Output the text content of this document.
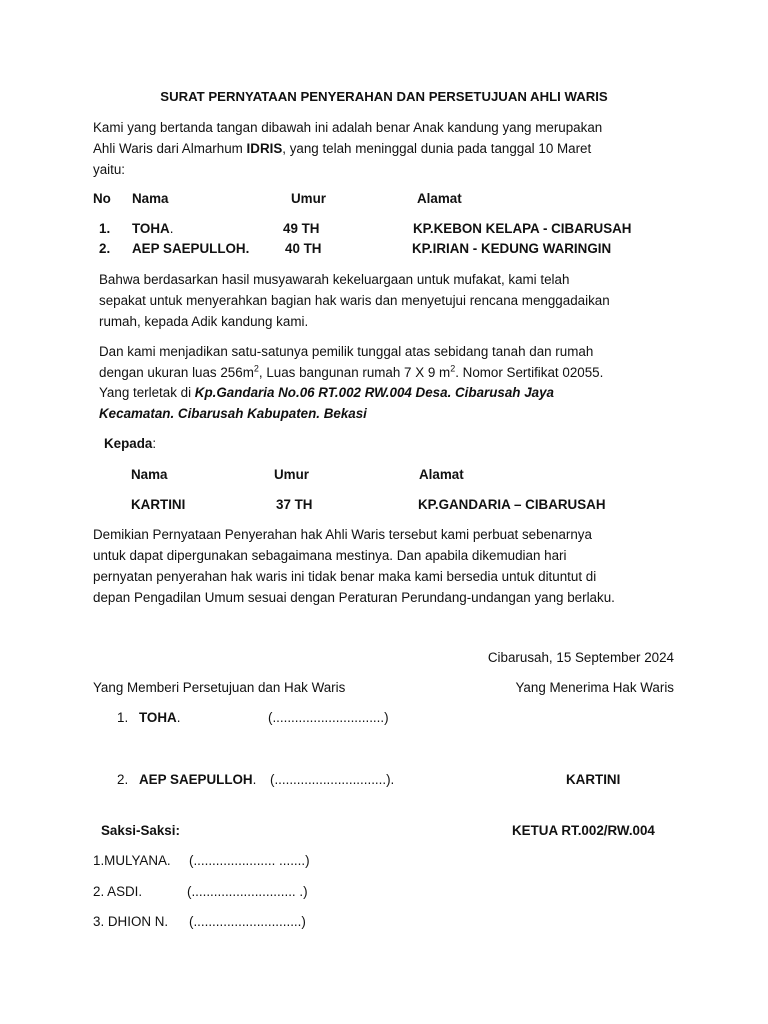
SURAT PERNYATAAN PENYERAHAN DAN PERSETUJUAN AHLI WARIS
Kami yang bertanda tangan dibawah ini adalah benar Anak kandung yang merupakan
Ahli Waris dari Almarhum IDRIS, yang telah meninggal dunia pada tanggal 10 Maret
yaitu:
No Nama	Umur	Alamat
1. TOHA.	49 TH	KP.KEBON KELAPA - CIBARUSAH
2. AEP SAEPULLOH.	40 TH	KP.IRIAN - KEDUNG WARINGIN
Bahwa berdasarkan hasil musyawarah kekeluargaan untuk mufakat, kami telah
sepakat untuk menyerahkan bagian hak waris dan menyetujui rencana menggadaikan
rumah, kepada Adik kandung kami.
Dan kami menjadikan satu-satunya pemilik tunggal atas sebidang tanah dan rumah
dengan ukuran luas $256m^2$, Luas bangunan rumah 7 X 9 $m^2$. Nomor Sertifikat 02055.
Yang terletak di Kp.Gandaria No.06 RT.002 RW.004 Desa. Cibarusah Jaya
Kecamatan. Cibarusah Kabupaten. Bekasi
Kepada:
Nama	Umur	Alamat
KARTINI	37 TH	KP.GANDARIA – CIBARUSAH
Demikian Pernyataan Penyerahan hak Ahli Waris tersebut kami perbuat sebenarnya
untuk dapat dipergunakan sebagaimana mestinya. Dan apabila dikemudian hari
pernyatan penyerahan hak waris ini tidak benar maka kami bersedia untuk dituntut di
depan Pengadilan Umum sesuai dengan Peraturan Perundang-undangan yang berlaku.
Cibarusah, 15 September 2024
Yang Memberi Persetujuan dan Hak Waris	Yang Menerima Hak Waris
1. TOHA.	(..............................)
2. AEP SAEPULLOH. (..............................).	KARTINI
Saksi-Saksi:	KETUA RT.002/RW.004
1.MULYANA. (...................... .......)
2. ASDI.	(............................ .)
3. DHION N. (.............................)
